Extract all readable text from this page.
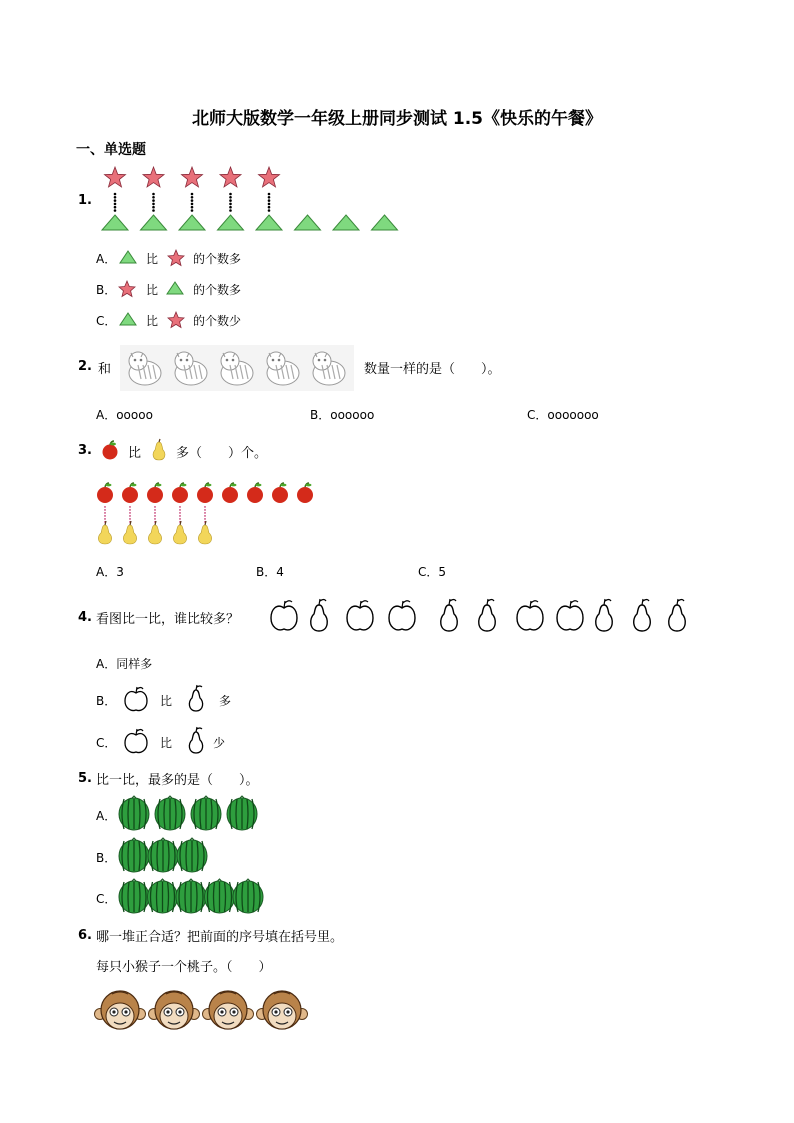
北师大版数学一年级上册同步测试 1.5《快乐的午餐》
一、单选题
1.
A． 比	的个数多
B． 比	的个数多
C． 比	的个数少
2. 和	数量一样的是（　　）。
A．ooooo	B．oooooo	C．ooooooo
3.	比	多（　　）个。
A．3	B．4	C．5
4. 看图比一比，谁比较多？
A．同样多
B．	比	多
C．	比	少
5. 比一比，最多的是（　　）。
A．
B．
C．
6. 哪一堆正合适？把前面的序号填在括号里。
每只小猴子一个桃子。（　　）
